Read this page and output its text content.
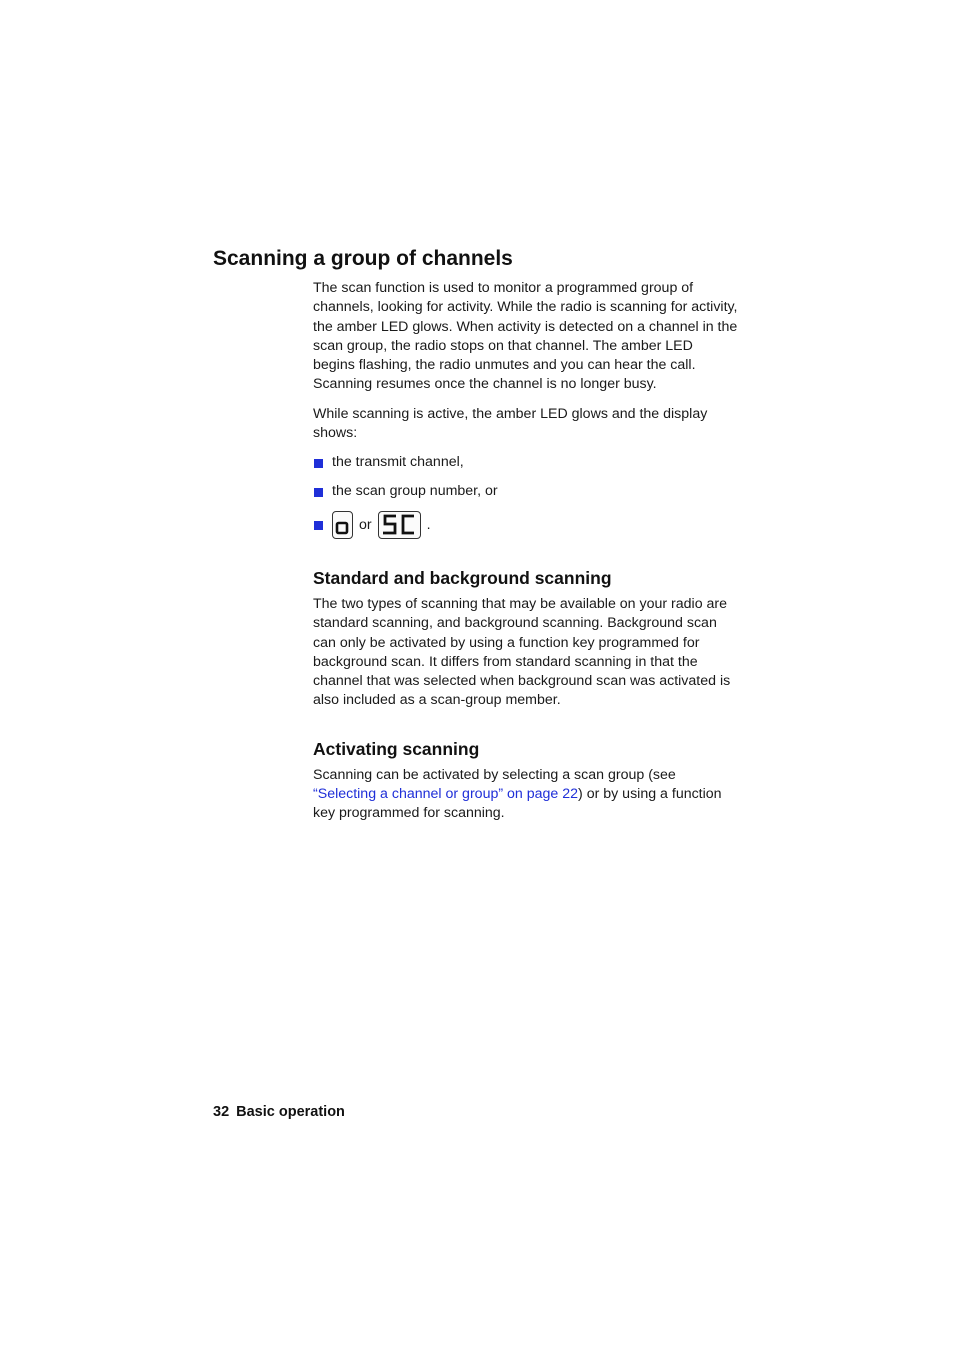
Scanning a group of channels

The scan function is used to monitor a programmed group of channels, looking for activity. While the radio is scanning for activity, the amber LED glows. When activity is detected on a channel in the scan group, the radio stops on that channel. The amber LED begins flashing, the radio unmutes and you can hear the call. Scanning resumes once the channel is no longer busy.

While scanning is active, the amber LED glows and the display shows:

the transmit channel,
the scan group number, or
or	.
Standard and background scanning

The two types of scanning that may be available on your radio are standard scanning, and background scanning. Background scan can only be activated by using a function key programmed for background scan. It differs from standard scanning in that the channel that was selected when background scan was activated is also included as a scan-group member.

Activating scanning

Scanning can be activated by selecting a scan group (see “Selecting a channel or group” on page 22) or by using a function key programmed for scanning.

32 Basic operation
